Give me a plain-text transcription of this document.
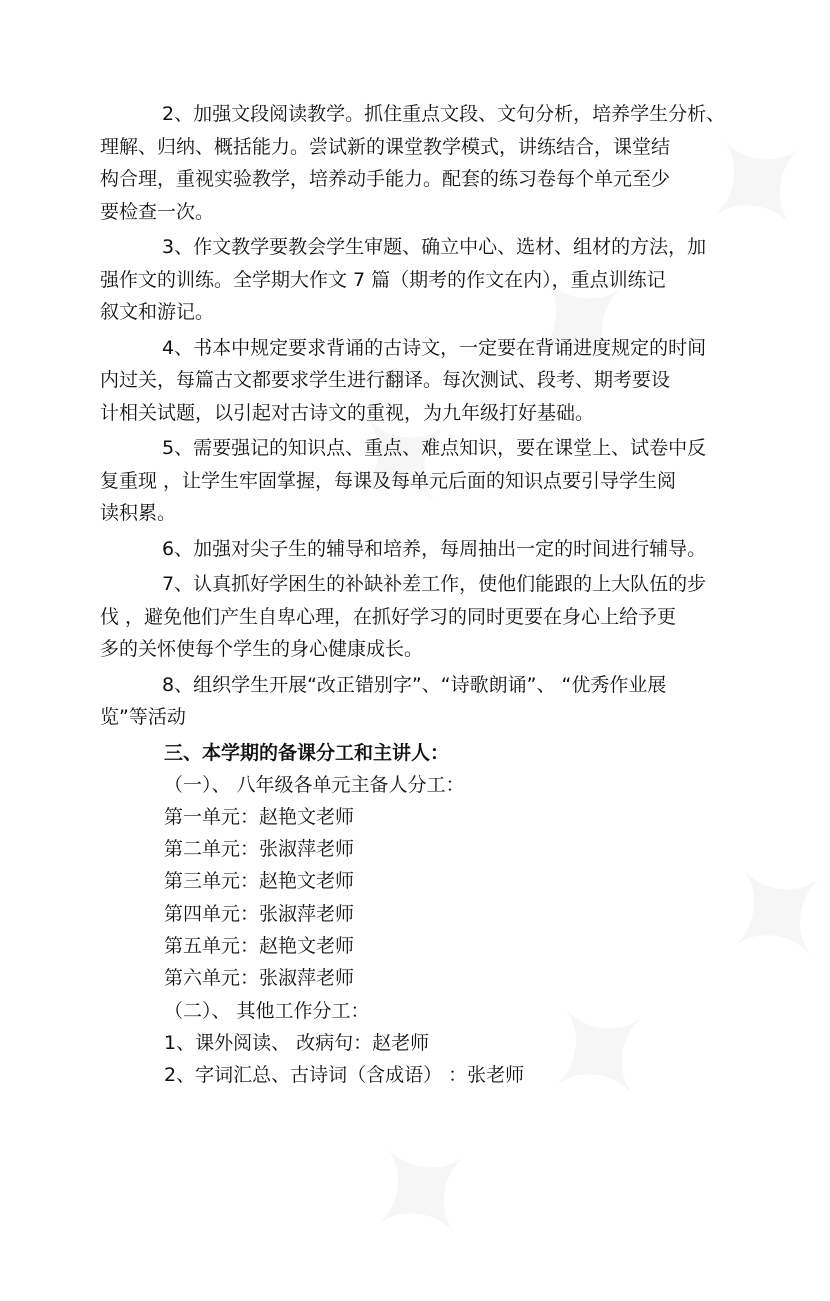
2、加强文段阅读教学。抓住重点文段、文句分析，培养学生分析、
理解、归纳、概括能力。尝试新的课堂教学模式，讲练结合，课堂结
构合理，重视实验教学，培养动手能力。配套的练习卷每个单元至少
要检查一次。
3、作文教学要教会学生审题、确立中心、选材、组材的方法，加
强作文的训练。全学期大作文 7 篇（期考的作文在内），重点训练记
叙文和游记。
4、书本中规定要求背诵的古诗文，一定要在背诵进度规定的时间
内过关，每篇古文都要求学生进行翻译。每次测试、段考、期考要设
计相关试题，以引起对古诗文的重视，为九年级打好基础。
5、需要强记的知识点、重点、难点知识，要在课堂上、试卷中反
复重现 ，让学生牢固掌握，每课及每单元后面的知识点要引导学生阅
读积累。
6、加强对尖子生的辅导和培养，每周抽出一定的时间进行辅导。
7、认真抓好学困生的补缺补差工作，使他们能跟的上大队伍的步
伐 ，避免他们产生自卑心理，在抓好学习的同时更要在身心上给予更
多的关怀使每个学生的身心健康成长。
8、组织学生开展“改正错别字”、“诗歌朗诵”、 “优秀作业展
览”等活动
三、本学期的备课分工和主讲人：
（一）、 八年级各单元主备人分工：
第一单元：赵艳文老师
第二单元：张淑萍老师
第三单元：赵艳文老师
第四单元：张淑萍老师
第五单元：赵艳文老师
第六单元：张淑萍老师
（二）、 其他工作分工：
1、课外阅读、 改病句：赵老师
2、字词汇总、古诗词（含成语） ：张老师
